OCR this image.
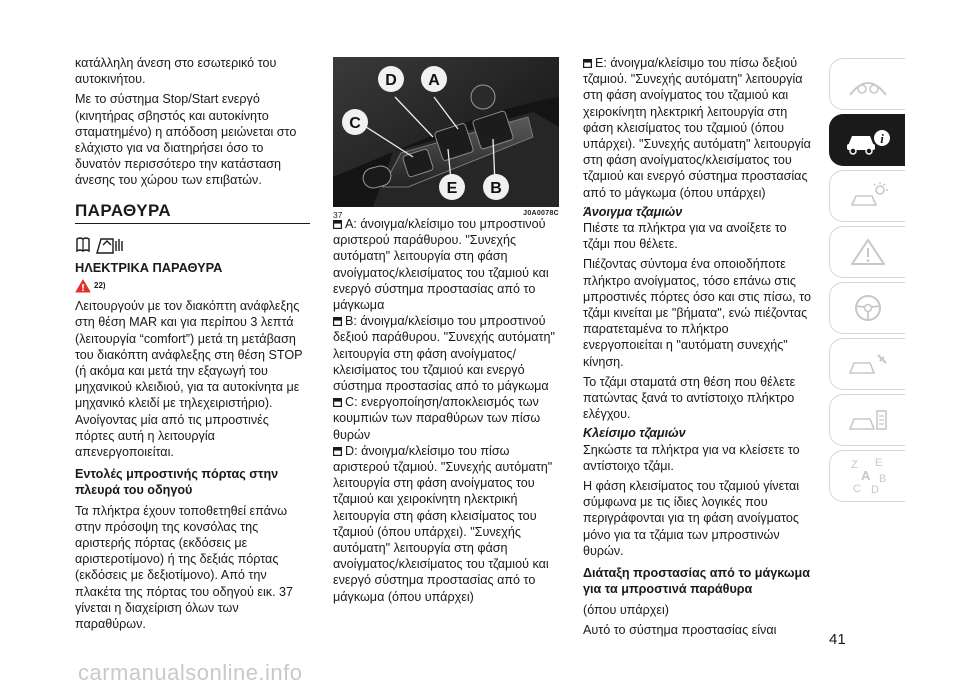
κατάλληλη άνεση στο εσωτερικό του αυτοκινήτου.

Με το σύστημα Stop/Start ενεργό (κινητήρας σβηστός και αυτοκίνητο σταματημένο) η απόδοση μειώνεται στο ελάχιστο για να διατηρήσει όσο το δυνατόν περισσότερο την κατάσταση άνεσης του χώρου των επιβατών.

ΠΑΡΑΘΥΡΑ
ΗΛΕΚΤΡΙΚΑ ΠΑΡΑΘΥΡΑ
22)

Λειτουργούν με τον διακόπτη ανάφλεξης στη θέση MAR και για περίπου 3 λεπτά (λειτουργία “comfort”) μετά τη μετάβαση του διακόπτη ανάφλεξης στη θέση STOP (ή ακόμα και μετά την εξαγωγή του μηχανικού κλειδιού, για τα αυτοκίνητα με μηχανικό κλειδί με τηλεχειριστήριο). Ανοίγοντας μία από τις μπροστινές πόρτες αυτή η λειτουργία απενεργοποιείται.

Εντολές μπροστινής πόρτας στην πλευρά του οδηγού

Τα πλήκτρα έχουν τοποθετηθεί επάνω στην πρόσοψη της κονσόλας της αριστερής πόρτας (εκδόσεις με αριστεροτίμονο) ή της δεξιάς πόρτας (εκδόσεις με δεξιοτίμονο). Από την πλακέτα της πόρτας του οδηγού εικ. 37 γίνεται η διαχείριση όλων των παραθύρων.

D A
C
E B
37	J0A0078C

A: άνοιγμα/κλείσιμο του μπροστινού αριστερού παράθυρου. "Συνεχής αυτόματη" λειτουργία στη φάση ανοίγματος/κλεισίματος του τζαμιού και ενεργό σύστημα προστασίας από το μάγκωμα

B: άνοιγμα/κλείσιμο του μπροστινού δεξιού παράθυρου. "Συνεχής αυτόματη" λειτουργία στη φάση ανοίγματος/κλεισίματος του τζαμιού και ενεργό σύστημα προστασίας από το μάγκωμα

C: ενεργοποίηση/αποκλεισμός των κουμπιών των παραθύρων των πίσω θυρών

D: άνοιγμα/κλείσιμο του πίσω αριστερού τζαμιού. "Συνεχής αυτόματη" λειτουργία στη φάση ανοίγματος του τζαμιού και χειροκίνητη ηλεκτρική λειτουργία στη φάση κλεισίματος του τζαμιού (όπου υπάρχει). "Συνεχής αυτόματη" λειτουργία στη φάση ανοίγματος/κλεισίματος του τζαμιού και ενεργό σύστημα προστασίας από το μάγκωμα (όπου υπάρχει)

E: άνοιγμα/κλείσιμο του πίσω δεξιού τζαμιού. "Συνεχής αυτόματη" λειτουργία στη φάση ανοίγματος του τζαμιού και χειροκίνητη ηλεκτρική λειτουργία στη φάση κλεισίματος του τζαμιού (όπου υπάρχει). "Συνεχής αυτόματη" λειτουργία στη φάση ανοίγματος/κλεισίματος του τζαμιού και ενεργό σύστημα προστασίας από το μάγκωμα (όπου υπάρχει)

Άνοιγμα τζαμιών

Πιέστε τα πλήκτρα για να ανοίξετε το τζάμι που θέλετε.

Πιέζοντας σύντομα ένα οποιοδήποτε πλήκτρο ανοίγματος, τόσο επάνω στις μπροστινές πόρτες όσο και στις πίσω, το τζάμι κινείται με "βήματα", ενώ πιέζοντας παρατεταμένα το πλήκτρο ενεργοποιείται η "αυτόματη συνεχής" κίνηση.

Το τζάμι σταματά στη θέση που θέλετε πατώντας ξανά το αντίστοιχο πλήκτρο ελέγχου.

Κλείσιμο τζαμιών

Σηκώστε τα πλήκτρα για να κλείσετε το αντίστοιχο τζάμι.

Η φάση κλεισίματος του τζαμιού γίνεται σύμφωνα με τις ίδιες λογικές που περιγράφονται για τη φάση ανοίγματος μόνο για τα τζάμια των μπροστινών θυρών.

Διάταξη προστασίας από το μάγκωμα για τα μπροστινά παράθυρα

(όπου υπάρχει)

Αυτό το σύστημα προστασίας είναι

i
Z E
A B
C D
41
carmanualsonline.info
